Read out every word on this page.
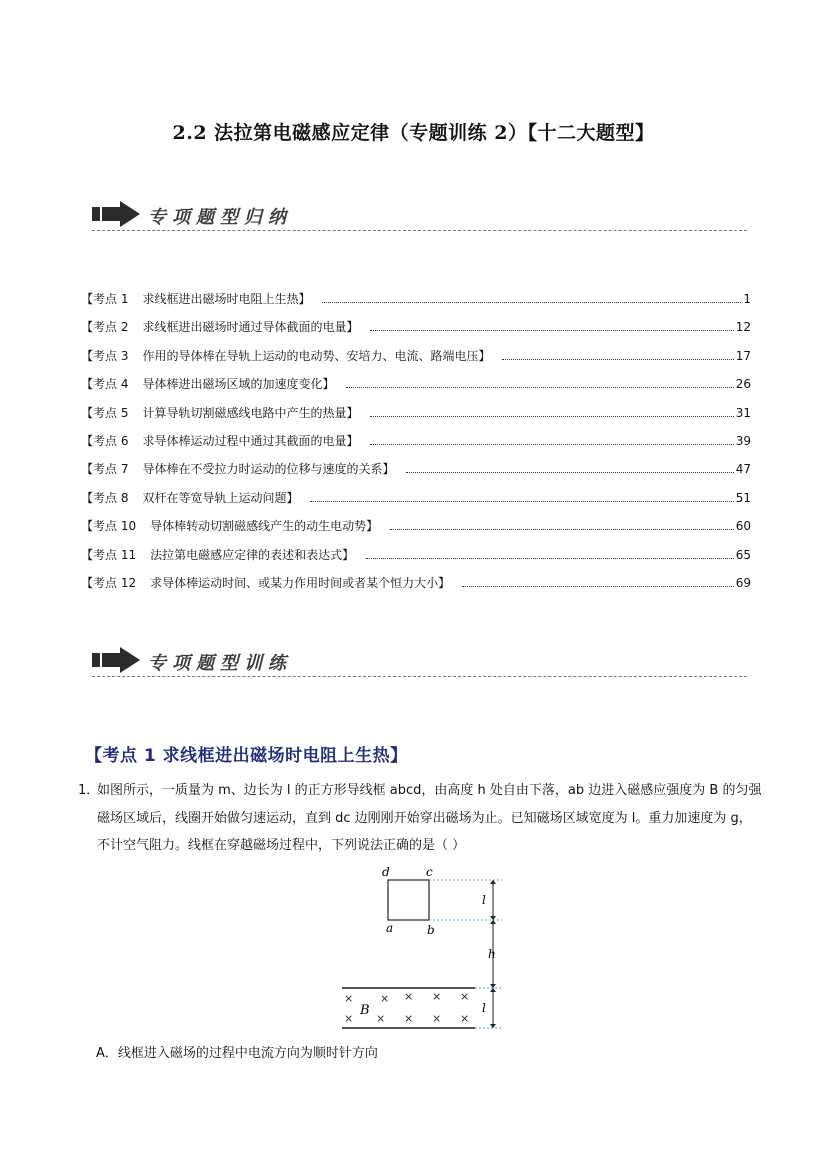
2.2 法拉第电磁感应定律（专题训练 2）【十二大题型】
专项题型归纳
【考点 1 求线框进出磁场时电阻上生热】	1
【考点 2 求线框进出磁场时通过导体截面的电量】	12
【考点 3 作用的导体棒在导轨上运动的电动势、安培力、电流、路端电压】	17
【考点 4 导体棒进出磁场区域的加速度变化】	26
【考点 5 计算导轨切割磁感线电路中产生的热量】	31
【考点 6 求导体棒运动过程中通过其截面的电量】	39
【考点 7 导体棒在不受拉力时运动的位移与速度的关系】	47
【考点 8 双杆在等宽导轨上运动问题】	51
【考点 10 导体棒转动切割磁感线产生的动生电动势】	60
【考点 11 法拉第电磁感应定律的表述和表达式】	65
【考点 12 求导体棒运动时间、或某力作用时间或者某个恒力大小】	69
专项题型训练
【考点 1 求线框进出磁场时电阻上生热】
1．
如图所示，一质量为 m、边长为 l 的正方形导线框 abcd，由高度 h 处自由下落，ab 边进入磁感应强度为 B 的匀强磁场区域后，线圈开始做匀速运动，直到 dc 边刚刚开始穿出磁场为止。已知磁场区域宽度为 l。重力加速度为 g，不计空气阻力。线框在穿越磁场过程中，下列说法正确的是（ ）
d	c
a	b
l
h
l
× × × × ×
× × × × ×
B
A．线框进入磁场的过程中电流方向为顺时针方向
